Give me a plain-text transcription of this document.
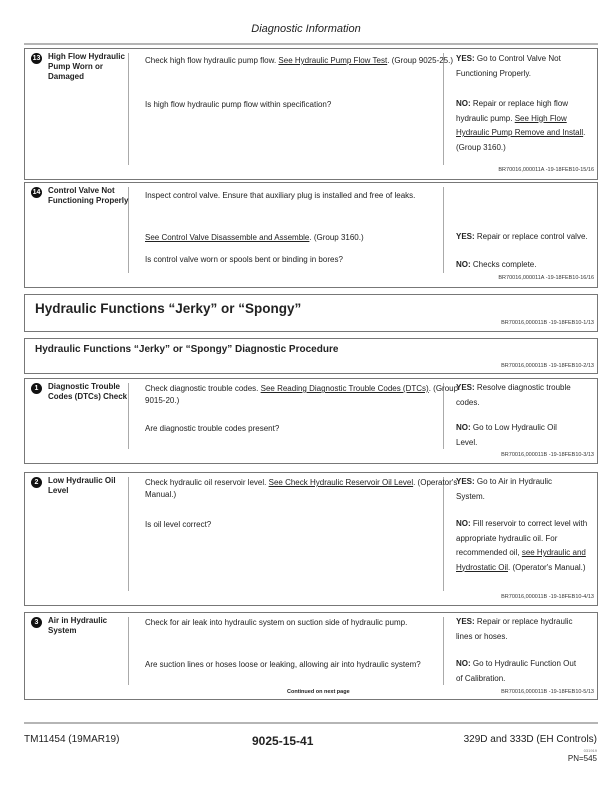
Diagnostic Information
13 High Flow Hydraulic Pump Worn or Damaged
Check high flow hydraulic pump flow. See Hydraulic Pump Flow Test. (Group 9025-25.)
Is high flow hydraulic pump flow within specification?
YES: Go to Control Valve Not Functioning Properly.
NO: Repair or replace high flow hydraulic pump. See High Flow Hydraulic Pump Remove and Install. (Group 3160.)
BR70016,000011A -19-18FEB10-15/16
14 Control Valve Not Functioning Properly
Inspect control valve. Ensure that auxiliary plug is installed and free of leaks.
See Control Valve Disassemble and Assemble. (Group 3160.)
Is control valve worn or spools bent or binding in bores?
YES: Repair or replace control valve.
NO: Checks complete.
BR70016,000011A -19-18FEB10-16/16
Hydraulic Functions “Jerky” or “Spongy”
BR70016,000011B -19-18FEB10-1/13
Hydraulic Functions “Jerky” or “Spongy” Diagnostic Procedure
BR70016,000011B -19-18FEB10-2/13
1	Diagnostic Trouble Codes (DTCs) Check
Check diagnostic trouble codes. See Reading Diagnostic Trouble Codes (DTCs). (Group 9015-20.)
Are diagnostic trouble codes present?
YES: Resolve diagnostic trouble codes.
NO: Go to Low Hydraulic Oil Level.
BR70016,000011B -19-18FEB10-3/13
2	Low Hydraulic Oil Level
Check hydraulic oil reservoir level. See Check Hydraulic Reservoir Oil Level. (Operator's Manual.)
Is oil level correct?
YES: Go to Air in Hydraulic System.
NO: Fill reservoir to correct level with appropriate hydraulic oil. For recommended oil, see Hydraulic and Hydrostatic Oil. (Operator's Manual.)
BR70016,000011B -19-18FEB10-4/13
3	Air in Hydraulic System
Check for air leak into hydraulic system on suction side of hydraulic pump.
Are suction lines or hoses loose or leaking, allowing air into hydraulic system?
YES: Repair or replace hydraulic lines or hoses.
NO: Go to Hydraulic Function Out of Calibration.
Continued on next page	BR70016,000011B -19-18FEB10-5/13
TM11454 (19MAR19)	9025-15-41	329D and 333D (EH Controls)
031919
PN=545
